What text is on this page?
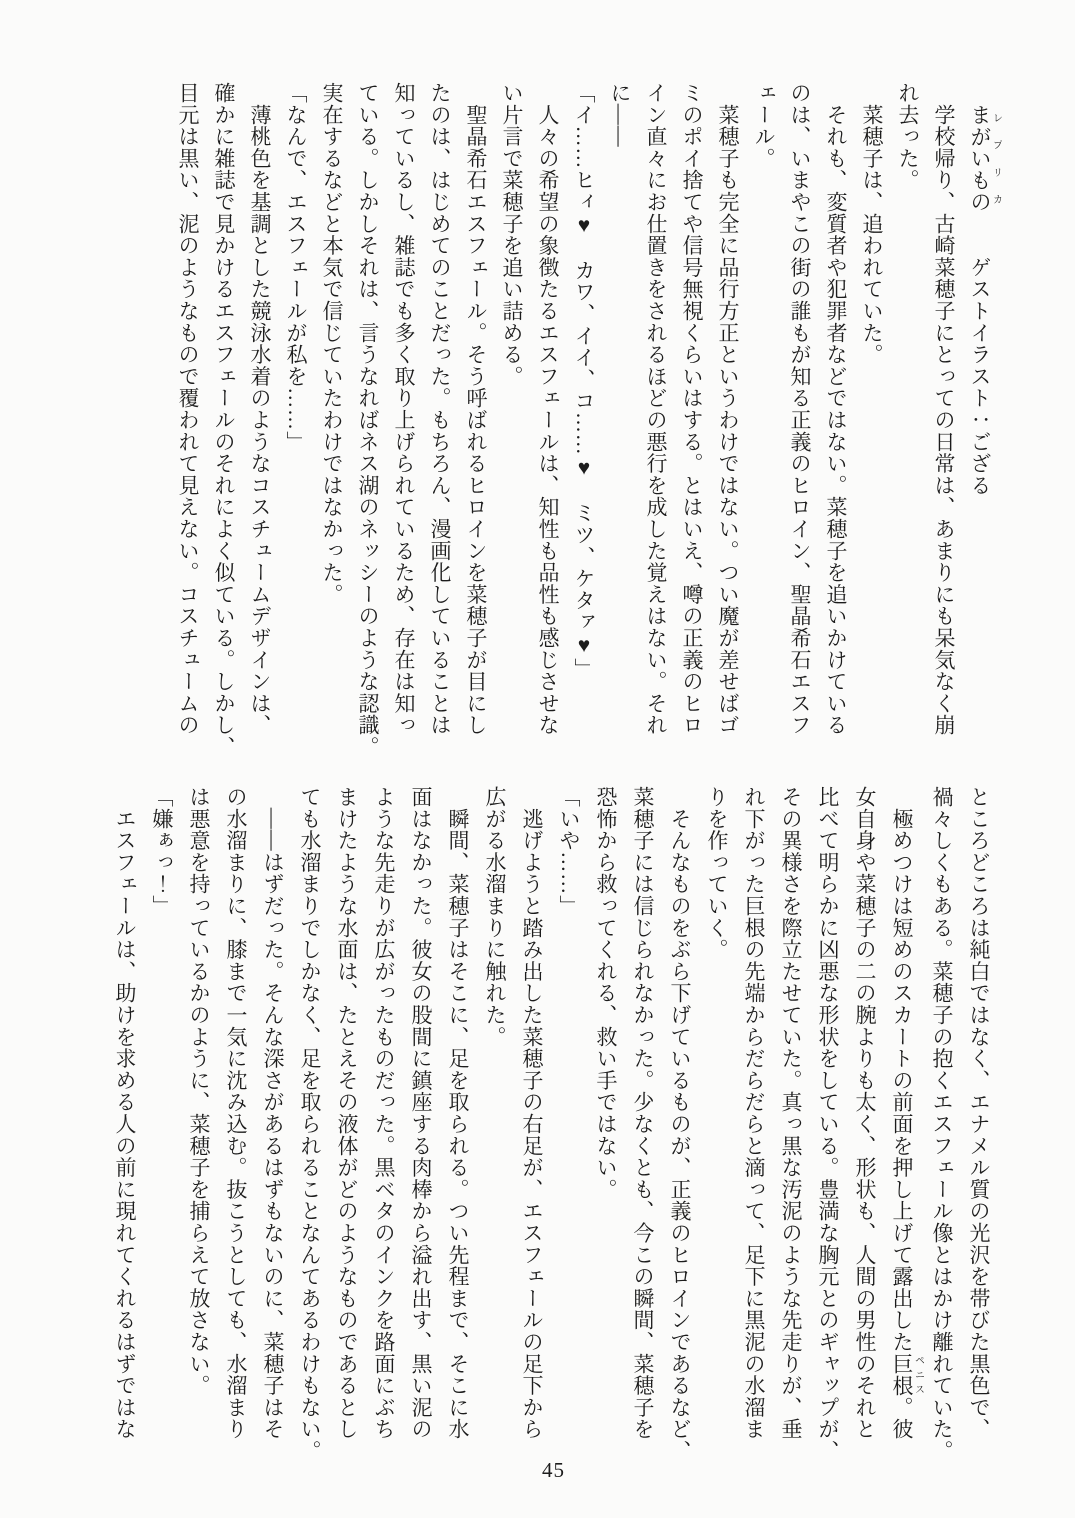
　まがいものレプリカ　　ゲストイラスト：ござる

　学校帰り、古崎菜穂子にとっての日常は、あまりにも呆気なく崩

れ去った。

　菜穂子は、追われていた。

　それも、変質者や犯罪者などではない。菜穂子を追いかけている

のは、いまやこの街の誰もが知る正義のヒロイン、聖晶希石エスフ

ェール。

　菜穂子も完全に品行方正というわけではない。つい魔が差せばゴ

ミのポイ捨てや信号無視くらいはする。とはいえ、噂の正義のヒロ

イン直々にお仕置きをされるほどの悪行を成した覚えはない。それ

に――

「イ……ヒィ♥　カワ、イイ、コ……♥　ミツ、ケタァ♥」

　人々の希望の象徴たるエスフェールは、知性も品性も感じさせな

い片言で菜穂子を追い詰める。

　聖晶希石エスフェール。そう呼ばれるヒロインを菜穂子が目にし

たのは、はじめてのことだった。もちろん、漫画化していることは

知っているし、雑誌でも多く取り上げられているため、存在は知っ

ている。しかしそれは、言うなればネス湖のネッシーのような認識。

実在するなどと本気で信じていたわけではなかった。

「なんで、エスフェールが私を……」

　薄桃色を基調とした競泳水着のようなコスチュームデザインは、

確かに雑誌で見かけるエスフェールのそれによく似ている。しかし、

目元は黒い、泥のようなもので覆われて見えない。コスチュームの

ところどころは純白ではなく、エナメル質の光沢を帯びた黒色で、

禍々しくもある。菜穂子の抱くエスフェール像とはかけ離れていた。

　極めつけは短めのスカートの前面を押し上げて露出した巨根ペニス。彼

女自身や菜穂子の二の腕よりも太く、形状も、人間の男性のそれと

比べて明らかに凶悪な形状をしている。豊満な胸元とのギャップが、

その異様さを際立たせていた。真っ黒な汚泥のような先走りが、垂

れ下がった巨根の先端からだらだらと滴って、足下に黒泥の水溜ま

りを作っていく。

　そんなものをぶら下げているものが、正義のヒロインであるなど、

菜穂子には信じられなかった。少なくとも、今この瞬間、菜穂子を

恐怖から救ってくれる、救い手ではない。

「いや……」

　逃げようと踏み出した菜穂子の右足が、エスフェールの足下から

広がる水溜まりに触れた。

　瞬間、菜穂子はそこに、足を取られる。つい先程まで、そこに水

面はなかった。彼女の股間に鎮座する肉棒から溢れ出す、黒い泥の

ような先走りが広がったものだった。黒ベタのインクを路面にぶち

まけたような水面は、たとえその液体がどのようなものであるとし

ても水溜まりでしかなく、足を取られることなんてあるわけもない。

　――はずだった。そんな深さがあるはずもないのに、菜穂子はそ

の水溜まりに、膝まで一気に沈み込む。抜こうとしても、水溜まり

は悪意を持っているかのように、菜穂子を捕らえて放さない。

「嫌ぁっ！」

　エスフェールは、助けを求める人の前に現れてくれるはずではな

45
